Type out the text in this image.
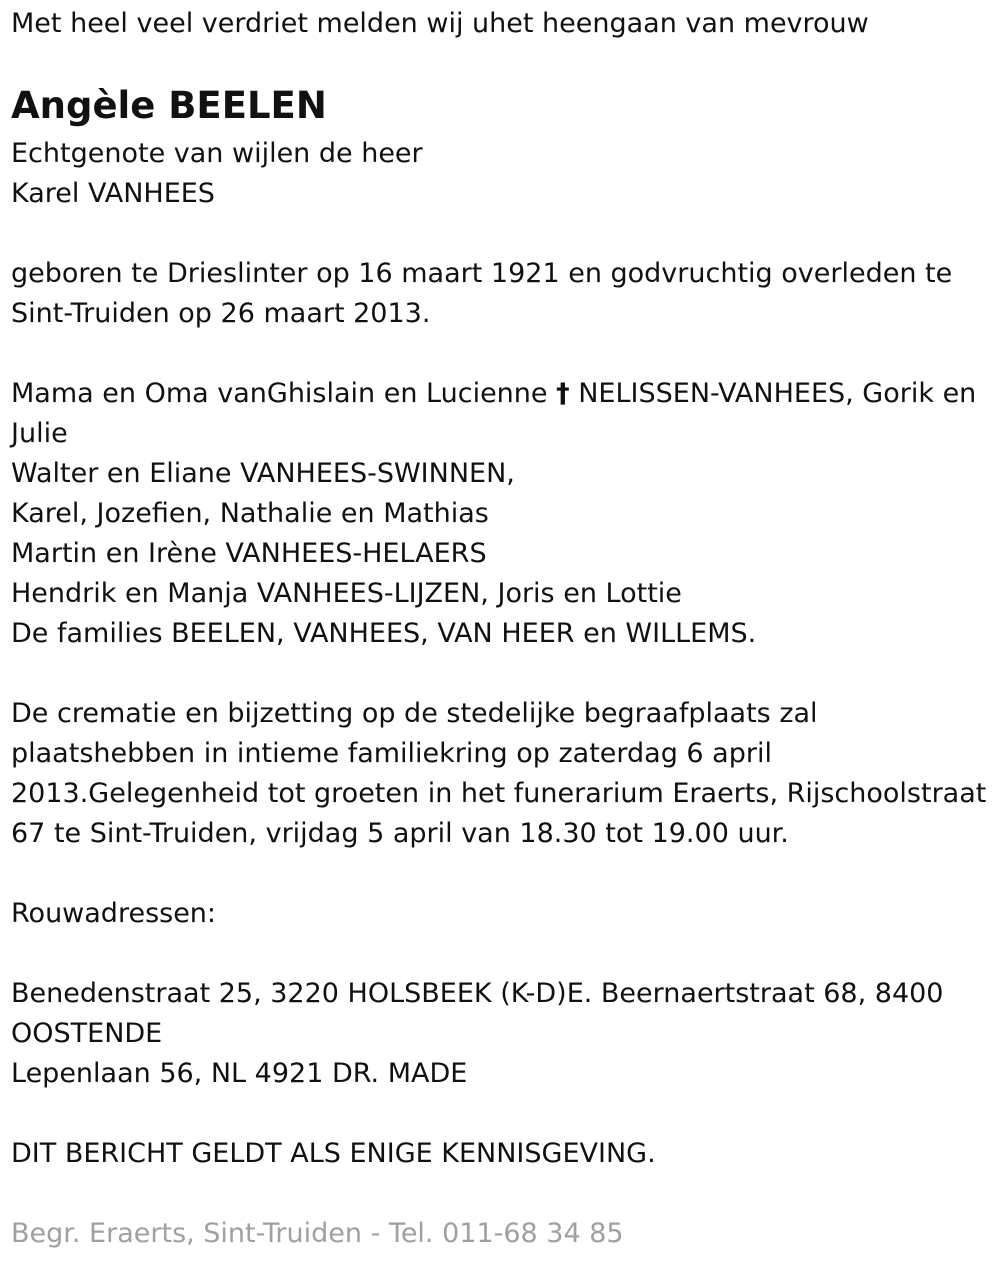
Met heel veel verdriet melden wij uhet heengaan van mevrouw
Angèle BEELEN
Echtgenote van wijlen de heer
Karel VANHEES
geboren te Drieslinter op 16 maart 1921 en godvruchtig overleden te Sint-Truiden op 26 maart 2013.
Mama en Oma vanGhislain en Lucienne † NELISSEN-VANHEES, Gorik en Julie
Walter en Eliane VANHEES-SWINNEN,
Karel, Jozefien, Nathalie en Mathias
Martin en Irène VANHEES-HELAERS
Hendrik en Manja VANHEES-LIJZEN, Joris en Lottie
De families BEELEN, VANHEES, VAN HEER en WILLEMS.
De crematie en bijzetting op de stedelijke begraafplaats zal plaatshebben in intieme familiekring op zaterdag 6 april 2013.Gelegenheid tot groeten in het funerarium Eraerts, Rijschoolstraat 67 te Sint-Truiden, vrijdag 5 april van 18.30 tot 19.00 uur.
Rouwadressen:
Benedenstraat 25, 3220 HOLSBEEK (K-D)E. Beernaertstraat 68, 8400 OOSTENDE
Lepenlaan 56, NL 4921 DR. MADE
DIT BERICHT GELDT ALS ENIGE KENNISGEVING.
Begr. Eraerts, Sint-Truiden - Tel. 011-68 34 85
